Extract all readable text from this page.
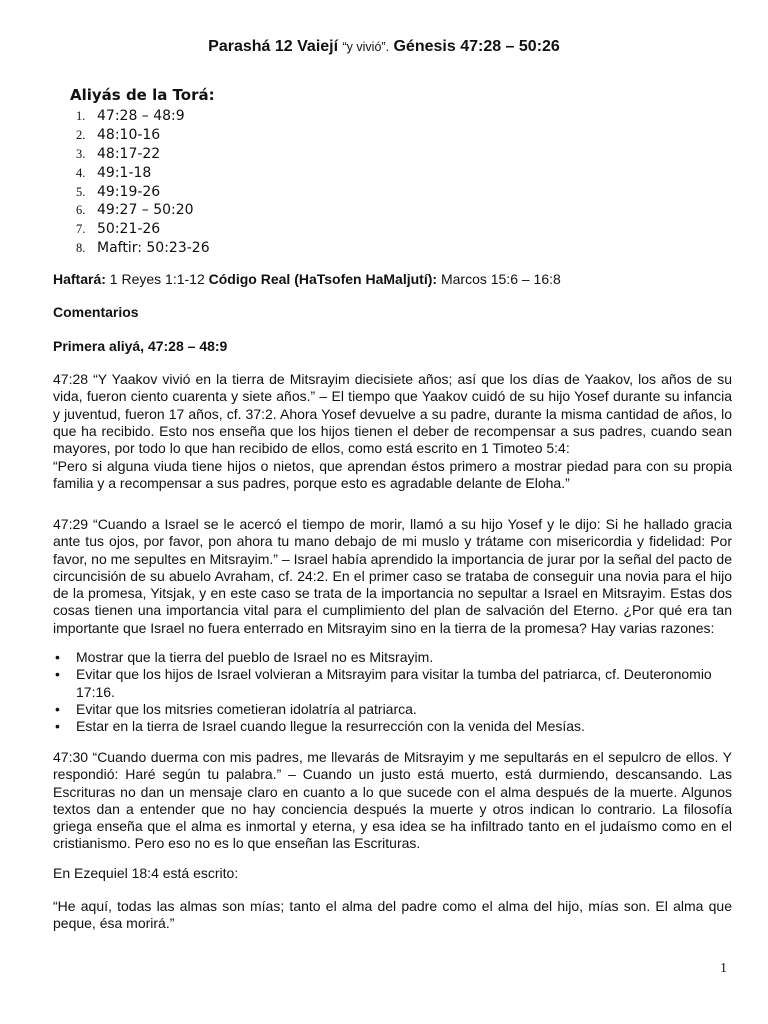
Parashá 12 Vaiejí “y vivió”. Génesis 47:28 – 50:26
Aliyás de la Torá:
1. 47:28 – 48:9
2. 48:10-16
3. 48:17-22
4. 49:1-18
5. 49:19-26
6. 49:27 – 50:20
7. 50:21-26
8. Maftir: 50:23-26
Haftará: 1 Reyes 1:1-12 Código Real (HaTsofen HaMaljutí): Marcos 15:6 – 16:8
Comentarios
Primera aliyá, 47:28 – 48:9
47:28 “Y Yaakov vivió en la tierra de Mitsrayim diecisiete años; así que los días de Yaakov, los años de su vida, fueron ciento cuarenta y siete años.” – El tiempo que Yaakov cuidó de su hijo Yosef durante su infancia y juventud, fueron 17 años, cf. 37:2. Ahora Yosef devuelve a su padre, durante la misma cantidad de años, lo que ha recibido. Esto nos enseña que los hijos tienen el deber de recompensar a sus padres, cuando sean mayores, por todo lo que han recibido de ellos, como está escrito en 1 Timoteo 5:4:
“Pero si alguna viuda tiene hijos o nietos, que aprendan éstos primero a mostrar piedad para con su propia familia y a recompensar a sus padres, porque esto es agradable delante de Eloha.”
47:29 “Cuando a Israel se le acercó el tiempo de morir, llamó a su hijo Yosef y le dijo: Si he hallado gracia ante tus ojos, por favor, pon ahora tu mano debajo de mi muslo y trátame con misericordia y fidelidad: Por favor, no me sepultes en Mitsrayim.” – Israel había aprendido la importancia de jurar por la señal del pacto de circuncisión de su abuelo Avraham, cf. 24:2. En el primer caso se trataba de conseguir una novia para el hijo de la promesa, Yitsjak, y en este caso se trata de la importancia no sepultar a Israel en Mitsrayim. Estas dos cosas tienen una importancia vital para el cumplimiento del plan de salvación del Eterno. ¿Por qué era tan importante que Israel no fuera enterrado en Mitsrayim sino en la tierra de la promesa? Hay varias razones:
• Mostrar que la tierra del pueblo de Israel no es Mitsrayim.
• Evitar que los hijos de Israel volvieran a Mitsrayim para visitar la tumba del patriarca, cf. Deuteronomio 17:16.
• Evitar que los mitsries cometieran idolatría al patriarca.
• Estar en la tierra de Israel cuando llegue la resurrección con la venida del Mesías.
47:30 “Cuando duerma con mis padres, me llevarás de Mitsrayim y me sepultarás en el sepulcro de ellos. Y respondió: Haré según tu palabra.” – Cuando un justo está muerto, está durmiendo, descansando. Las Escrituras no dan un mensaje claro en cuanto a lo que sucede con el alma después de la muerte. Algunos textos dan a entender que no hay conciencia después la muerte y otros indican lo contrario. La filosofía griega enseña que el alma es inmortal y eterna, y esa idea se ha infiltrado tanto en el judaísmo como en el cristianismo. Pero eso no es lo que enseñan las Escrituras.
En Ezequiel 18:4 está escrito:
“He aquí, todas las almas son mías; tanto el alma del padre como el alma del hijo, mías son. El alma que peque, ésa morirá.”
1
